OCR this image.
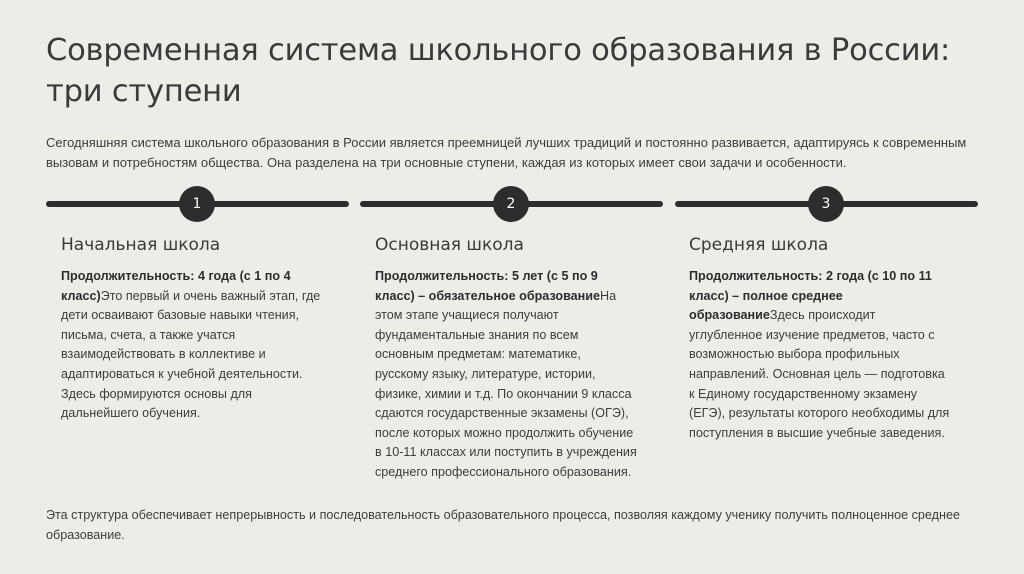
Современная система школьного образования в России: три ступени
Сегодняшняя система школьного образования в России является преемницей лучших традиций и постоянно развивается, адаптируясь к современным вызовам и потребностям общества. Она разделена на три основные ступени, каждая из которых имеет свои задачи и особенности.
1	2	3
Начальная школа
Продолжительность: 4 года (с 1 по 4 класс)Это первый и очень важный этап, где дети осваивают базовые навыки чтения, письма, счета, а также учатся взаимодействовать в коллективе и адаптироваться к учебной деятельности. Здесь формируются основы для дальнейшего обучения.
Основная школа
Продолжительность: 5 лет (с 5 по 9 класс) – обязательное образованиеНа этом этапе учащиеся получают фундаментальные знания по всем основным предметам: математике, русскому языку, литературе, истории, физике, химии и т.д. По окончании 9 класса сдаются государственные экзамены (ОГЭ), после которых можно продолжить обучение в 10-11 классах или поступить в учреждения среднего профессионального образования.
Средняя школа
Продолжительность: 2 года (с 10 по 11 класс) – полное среднее образованиеЗдесь происходит углубленное изучение предметов, часто с возможностью выбора профильных направлений. Основная цель — подготовка к Единому государственному экзамену (ЕГЭ), результаты которого необходимы для поступления в высшие учебные заведения.
Эта структура обеспечивает непрерывность и последовательность образовательного процесса, позволяя каждому ученику получить полноценное среднее образование.
